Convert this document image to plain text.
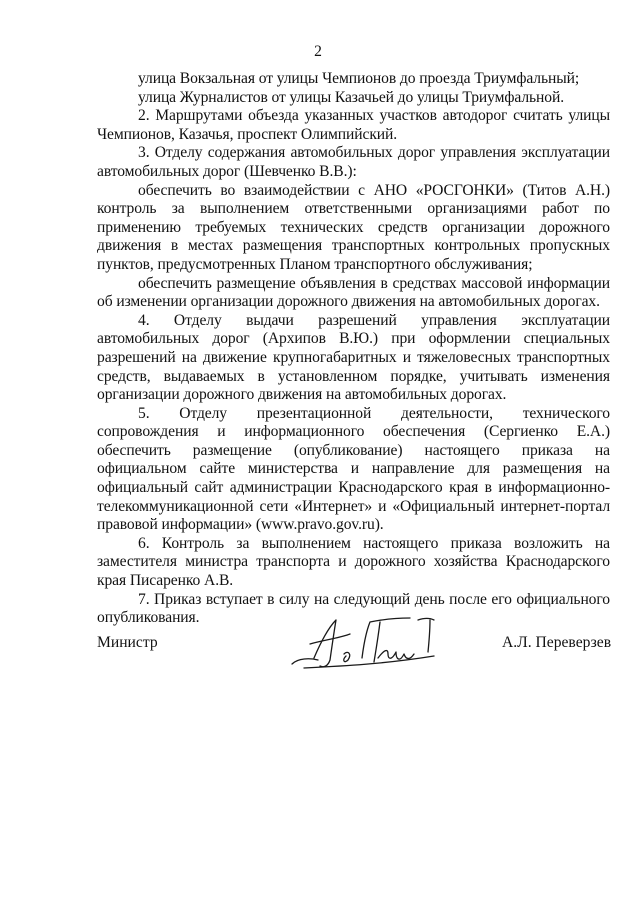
2

улица Вокзальная от улицы Чемпионов до проезда Триумфальный;

улица Журналистов от улицы Казачьей до улицы Триумфальной.

2. Маршрутами объезда указанных участков автодорог считать улицы Чемпионов, Казачья, проспект Олимпийский.

3. Отделу содержания автомобильных дорог управления эксплуатации автомобильных дорог (Шевченко В.В.):

обеспечить во взаимодействии с АНО «РОСГОНКИ» (Титов А.Н.) контроль за выполнением ответственными организациями работ по применению требуемых технических средств организации дорожного движения в местах размещения транспортных контрольных пропускных пунктов, предусмотренных Планом транспортного обслуживания;

обеспечить размещение объявления в средствах массовой информации об изменении организации дорожного движения на автомобильных дорогах.

4. Отделу выдачи разрешений управления эксплуатации автомобильных дорог (Архипов В.Ю.) при оформлении специальных разрешений на движение крупногабаритных и тяжеловесных транспортных средств, выдаваемых в установленном порядке, учитывать изменения организации дорожного движения на автомобильных дорогах.

5. Отделу презентационной деятельности, технического сопровождения и информационного обеспечения (Сергиенко Е.А.) обеспечить размещение (опубликование) настоящего приказа на официальном сайте министерства и направление для размещения на официальный сайт администрации Краснодарского края в информационно-телекоммуникационной сети «Интернет» и «Официальный интернет-портал правовой информации» (www.pravo.gov.ru).

6. Контроль за выполнением настоящего приказа возложить на заместителя министра транспорта и дорожного хозяйства Краснодарского края Писаренко А.В.

7. Приказ вступает в силу на следующий день после его официального опубликования.

Министр	А.Л. Переверзев
